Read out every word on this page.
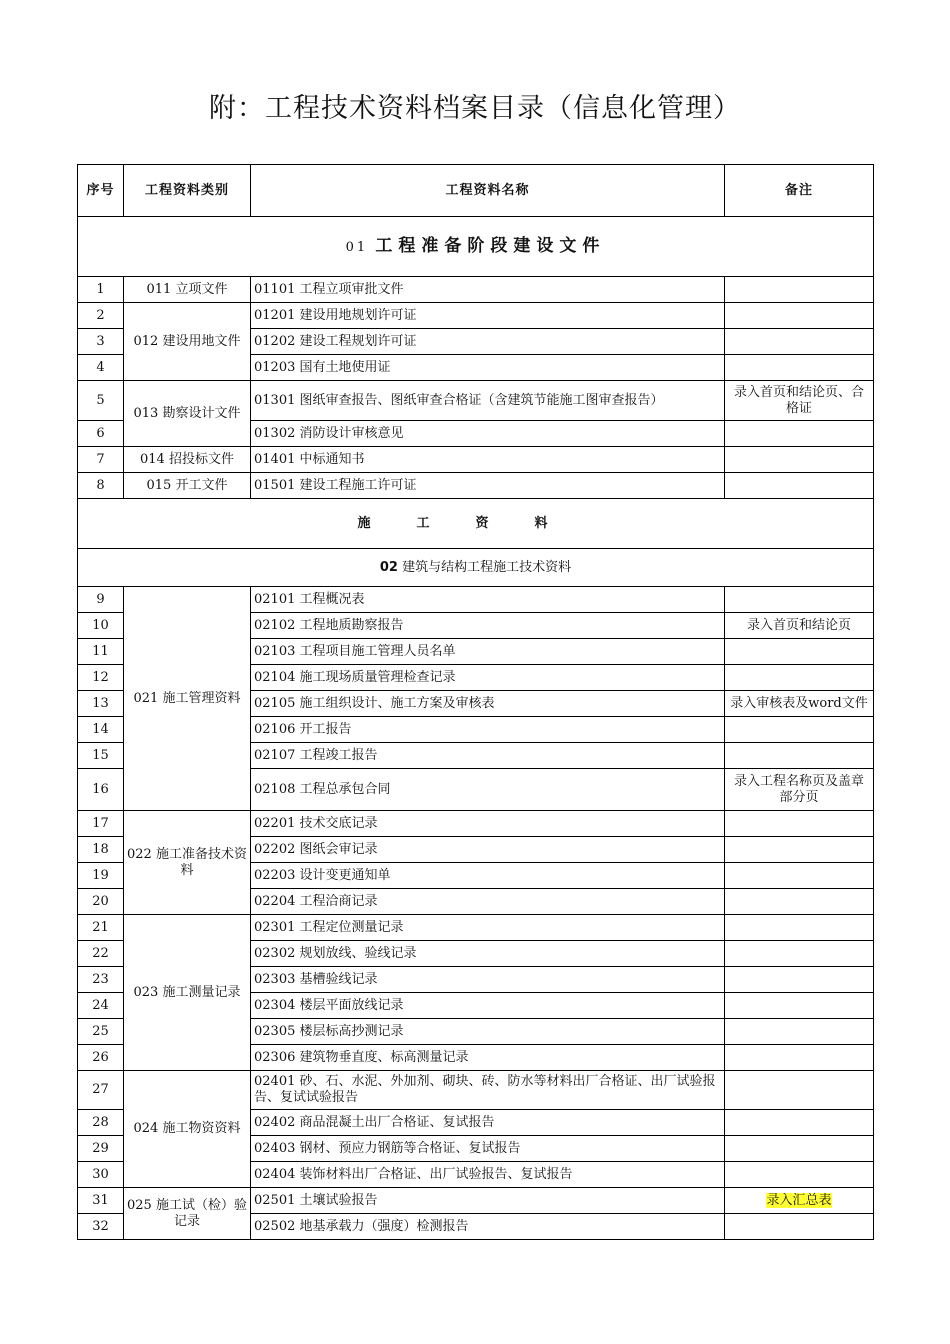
附：工程技术资料档案目录（信息化管理）
序号	工程资料类别	工程资料名称	备注
01 工程准备阶段建设文件			
1	011 立项文件	01101 工程立项审批文件	
2	012 建设用地文件	01201 建设用地规划许可证	
3		01202 建设工程规划许可证	
4		01203 国有土地使用证	
5	013 勘察设计文件	01301 图纸审查报告、图纸审查合格证（含建筑节能施工图审查报告）	录入首页和结论页、合格证
6		01302 消防设计审核意见	
7	014 招投标文件	01401 中标通知书	
8	015 开工文件	01501 建设工程施工许可证	
施工资料			
02 建筑与结构工程施工技术资料			
9	021 施工管理资料	02101 工程概况表	
10		02102 工程地质勘察报告	录入首页和结论页
11		02103 工程项目施工管理人员名单	
12		02104 施工现场质量管理检查记录	
13		02105 施工组织设计、施工方案及审核表	录入审核表及word文件
14		02106 开工报告	
15		02107 工程竣工报告	
16		02108 工程总承包合同	录入工程名称页及盖章部分页
17	022 施工准备技术资料	02201 技术交底记录	
18		02202 图纸会审记录	
19		02203 设计变更通知单	
20		02204 工程洽商记录	
21	023 施工测量记录	02301 工程定位测量记录	
22		02302 规划放线、验线记录	
23		02303 基槽验线记录	
24		02304 楼层平面放线记录	
25		02305 楼层标高抄测记录	
26		02306 建筑物垂直度、标高测量记录	
27	024 施工物资资料	02401 砂、石、水泥、外加剂、砌块、砖、防水等材料出厂合格证、出厂试验报告、复试试验报告	
28		02402 商品混凝土出厂合格证、复试报告	
29		02403 钢材、预应力钢筋等合格证、复试报告	
30		02404 装饰材料出厂合格证、出厂试验报告、复试报告	
31	025 施工试（检）验记录	02501 土壤试验报告	录入汇总表
32		02502 地基承载力（强度）检测报告	
